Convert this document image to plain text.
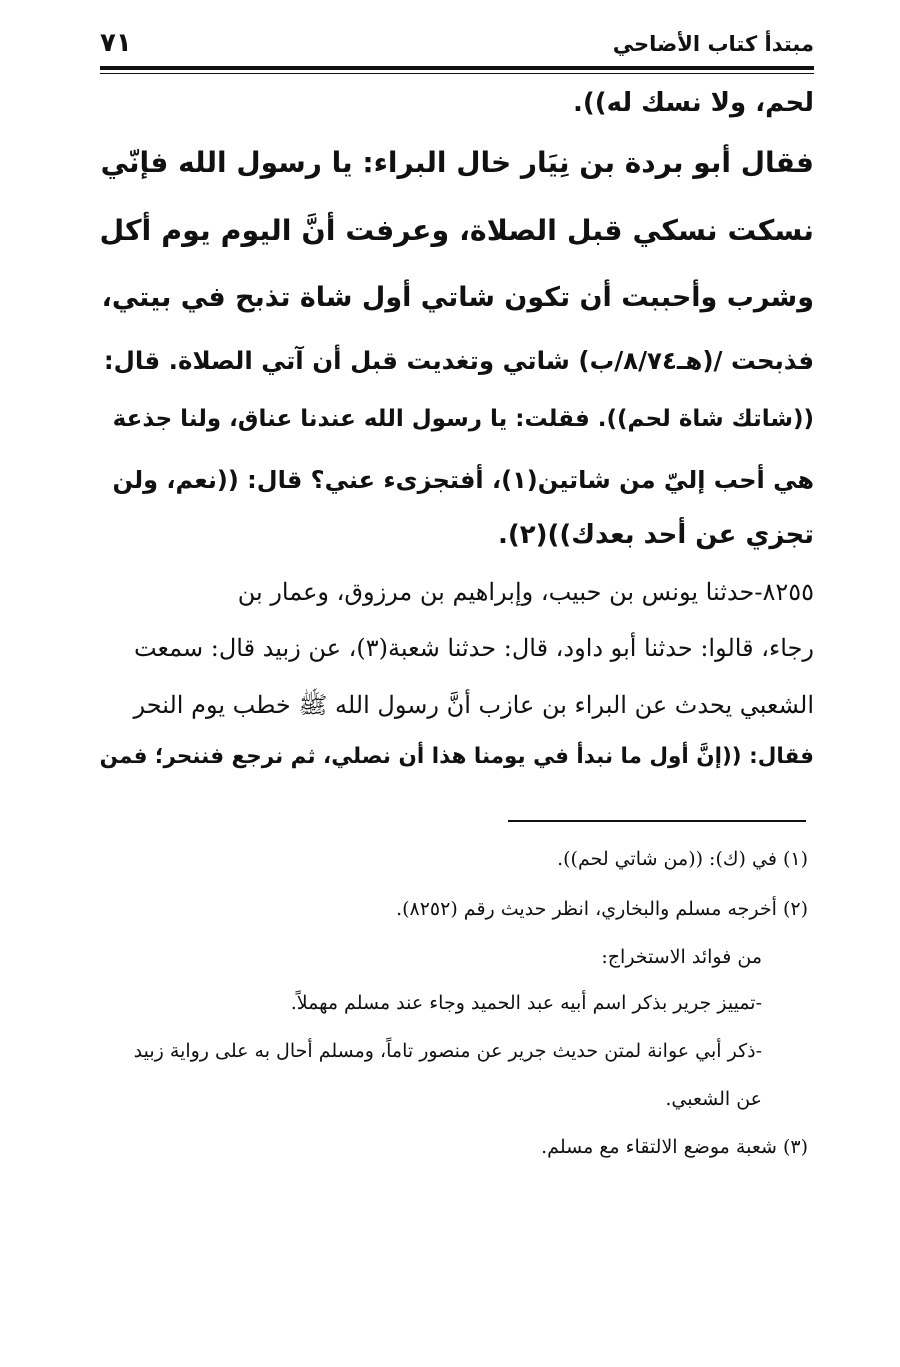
٧١	مبتدأ كتاب الأضاحي
لحم، ولا نسك له)).
فقال أبو بردة بن نِيَار خال البراء: يا رسول الله فإنّي
نسكت نسكي قبل الصلاة، وعرفت أنَّ اليوم يوم أكل
وشرب وأحببت أن تكون شاتي أول شاة تذبح في بيتي،
فذبحت /(هـ٨/٧٤/ب) شاتي وتغديت قبل أن آتي الصلاة. قال:
((شاتك شاة لحم)). فقلت: يا رسول الله عندنا عناق، ولنا جذعة
هي أحب إليّ من شاتين(١)، أفتجزىء عني؟ قال: ((نعم، ولن
تجزي عن أحد بعدك))(٢).
٨٢٥٥-حدثنا يونس بن حبيب، وإبراهيم بن مرزوق، وعمار بن
رجاء، قالوا: حدثنا أبو داود، قال: حدثنا شعبة(٣)، عن زبيد قال: سمعت
الشعبي يحدث عن البراء بن عازب أنَّ رسول الله ﷺ خطب يوم النحر
فقال: ((إنَّ أول ما نبدأ في يومنا هذا أن نصلي، ثم نرجع فننحر؛ فمن
(١) في (ك): ((من شاتي لحم)).
(٢) أخرجه مسلم والبخاري، انظر حديث رقم (٨٢٥٢).
من فوائد الاستخراج:
-تمييز جرير بذكر اسم أبيه عبد الحميد وجاء عند مسلم مهملاً.
-ذكر أبي عوانة لمتن حديث جرير عن منصور تاماً، ومسلم أحال به على رواية زبيد
عن الشعبي.
(٣) شعبة موضع الالتقاء مع مسلم.
